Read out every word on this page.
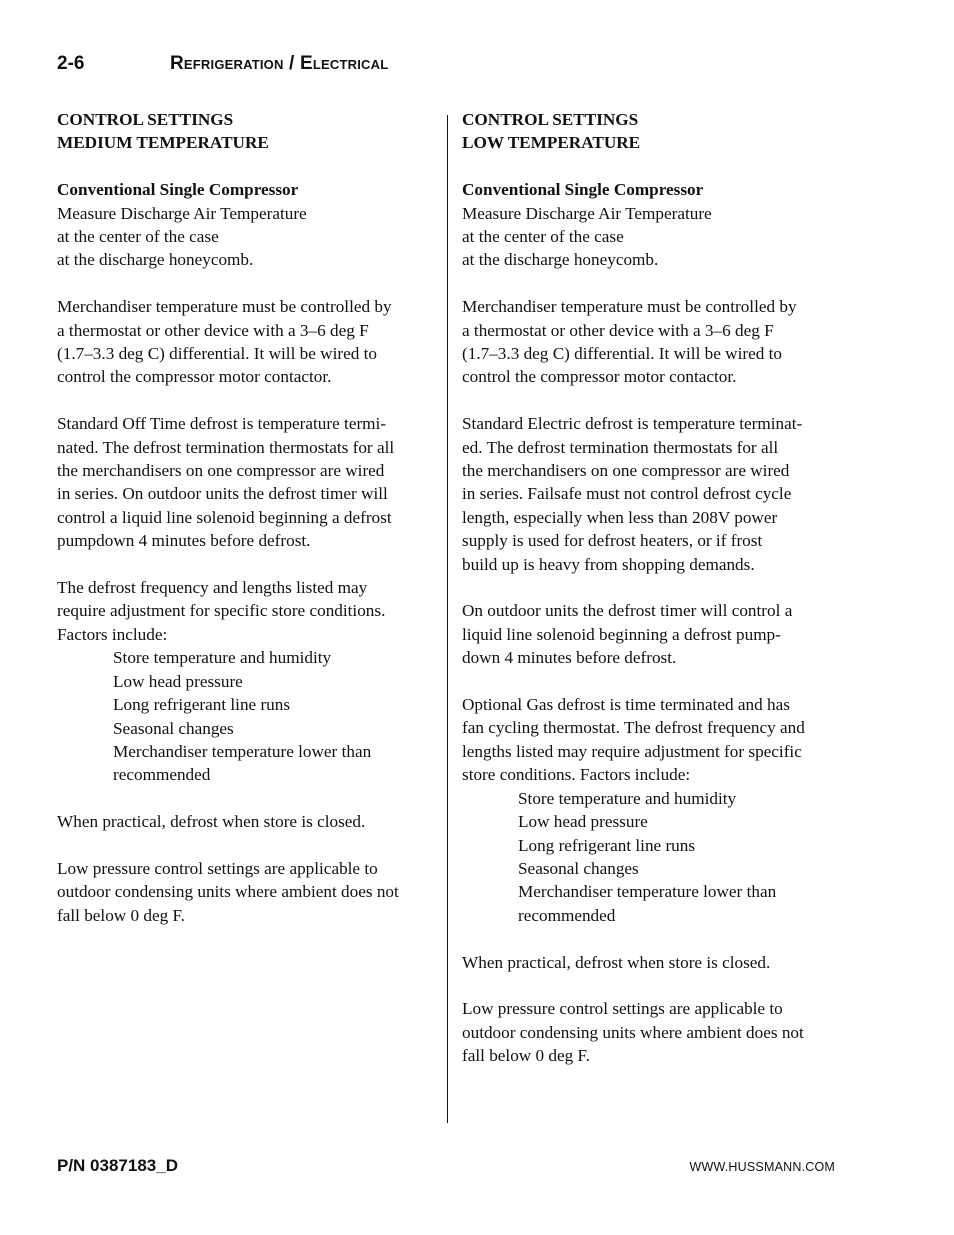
2-6	Refrigeration / Electrical
CONTROL SETTINGS
MEDIUM TEMPERATURE
Conventional Single Compressor
Measure Discharge Air Temperature
at the center of the case
at the discharge honeycomb.
Merchandiser temperature must be controlled by
a thermostat or other device with a 3–6 deg F
(1.7–3.3 deg C) differential. It will be wired to
control the compressor motor contactor.
Standard Off Time defrost is temperature termi-
nated. The defrost termination thermostats for all
the merchandisers on one compressor are wired
in series. On outdoor units the defrost timer will
control a liquid line solenoid beginning a defrost
pumpdown 4 minutes before defrost.
The defrost frequency and lengths listed may
require adjustment for specific store conditions.
Factors include:
Store temperature and humidity
Low head pressure
Long refrigerant line runs
Seasonal changes
Merchandiser temperature lower than
recommended
When practical, defrost when store is closed.
Low pressure control settings are applicable to
outdoor condensing units where ambient does not
fall below 0 deg F.
CONTROL SETTINGS
LOW TEMPERATURE
Conventional Single Compressor
Measure Discharge Air Temperature
at the center of the case
at the discharge honeycomb.
Merchandiser temperature must be controlled by
a thermostat or other device with a 3–6 deg F
(1.7–3.3 deg C) differential. It will be wired to
control the compressor motor contactor.
Standard Electric defrost is temperature terminat-
ed. The defrost termination thermostats for all
the merchandisers on one compressor are wired
in series. Failsafe must not control defrost cycle
length, especially when less than 208V power
supply is used for defrost heaters, or if frost
build up is heavy from shopping demands.
On outdoor units the defrost timer will control a
liquid line solenoid beginning a defrost pump-
down 4 minutes before defrost.
Optional Gas defrost is time terminated and has
fan cycling thermostat. The defrost frequency and
lengths listed may require adjustment for specific
store conditions. Factors include:
Store temperature and humidity
Low head pressure
Long refrigerant line runs
Seasonal changes
Merchandiser temperature lower than
recommended
When practical, defrost when store is closed.
Low pressure control settings are applicable to
outdoor condensing units where ambient does not
fall below 0 deg F.
P/N 0387183_D	WWW.HUSSMANN.COM
